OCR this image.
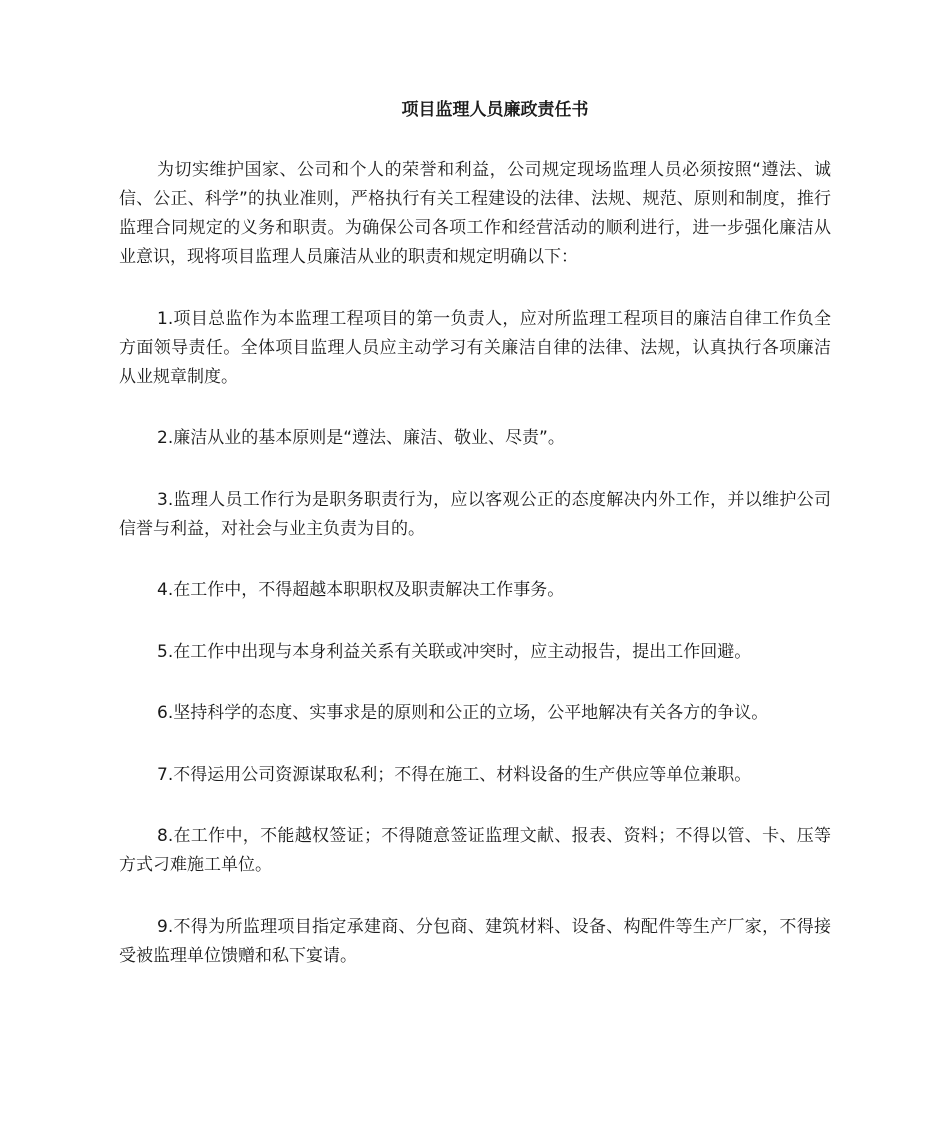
项目监理人员廉政责任书

为切实维护国家、公司和个人的荣誉和利益，公司规定现场监理人员必须按照“遵法、诚信、公正、科学”的执业准则，严格执行有关工程建设的法律、法规、规范、原则和制度，推行监理合同规定的义务和职责。为确保公司各项工作和经营活动的顺利进行，进一步强化廉洁从业意识，现将项目监理人员廉洁从业的职责和规定明确以下：

1.项目总监作为本监理工程项目的第一负责人，应对所监理工程项目的廉洁自律工作负全方面领导责任。全体项目监理人员应主动学习有关廉洁自律的法律、法规，认真执行各项廉洁从业规章制度。

2.廉洁从业的基本原则是“遵法、廉洁、敬业、尽责”。

3.监理人员工作行为是职务职责行为，应以客观公正的态度解决内外工作，并以维护公司信誉与利益，对社会与业主负责为目的。

4.在工作中，不得超越本职职权及职责解决工作事务。

5.在工作中出现与本身利益关系有关联或冲突时，应主动报告，提出工作回避。

6.坚持科学的态度、实事求是的原则和公正的立场，公平地解决有关各方的争议。

7.不得运用公司资源谋取私利；不得在施工、材料设备的生产供应等单位兼职。

8.在工作中，不能越权签证；不得随意签证监理文献、报表、资料；不得以管、卡、压等方式刁难施工单位。

9.不得为所监理项目指定承建商、分包商、建筑材料、设备、构配件等生产厂家，不得接受被监理单位馈赠和私下宴请。
